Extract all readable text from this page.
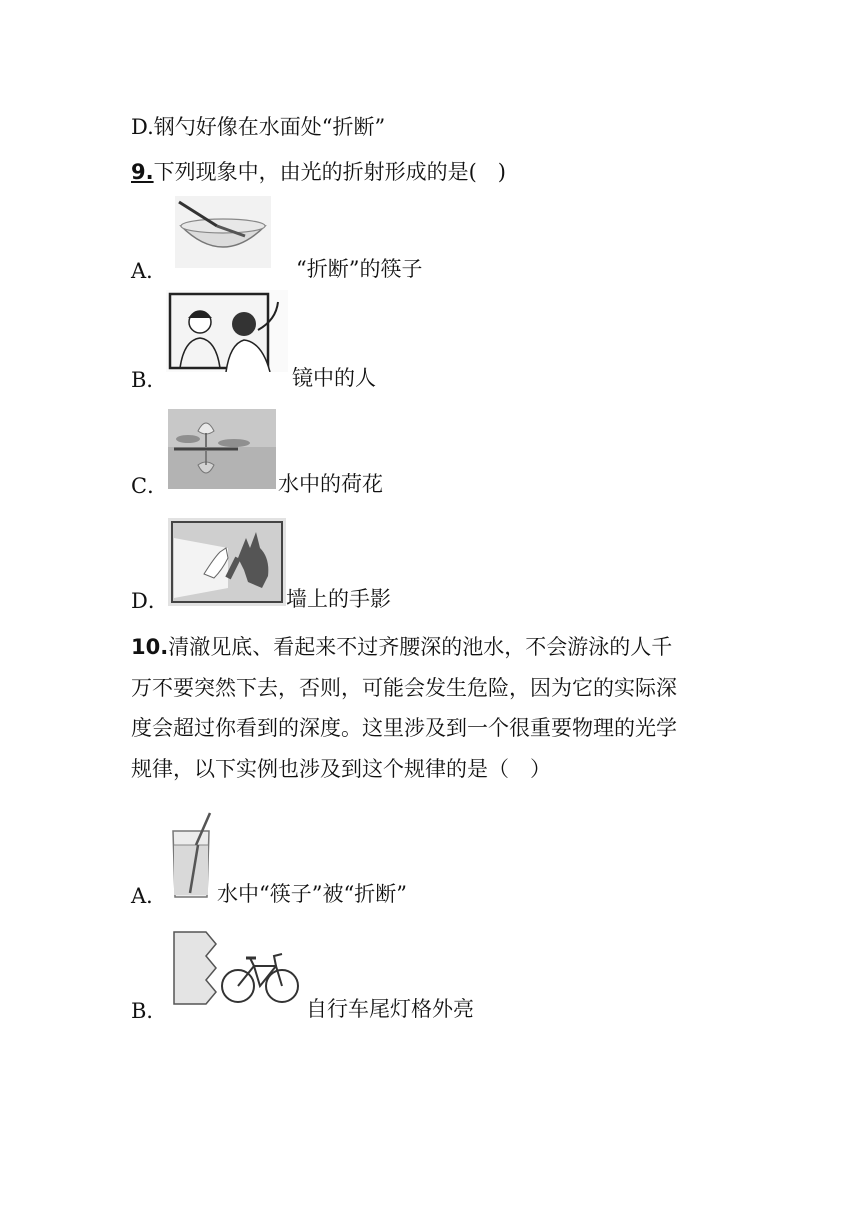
D.钢勺好像在水面处“折断”
9.下列现象中，由光的折射形成的是(　)
A．	“折断”的筷子
B．	镜中的人
C．	水中的荷花
D．	墙上的手影
10.清澈见底、看起来不过齐腰深的池水，不会游泳的人千
万不要突然下去，否则，可能会发生危险，因为它的实际深
度会超过你看到的深度。这里涉及到一个很重要物理的光学
规律，以下实例也涉及到这个规律的是（　）
A． 水中“筷子”被“折断”
B．	自行车尾灯格外亮
